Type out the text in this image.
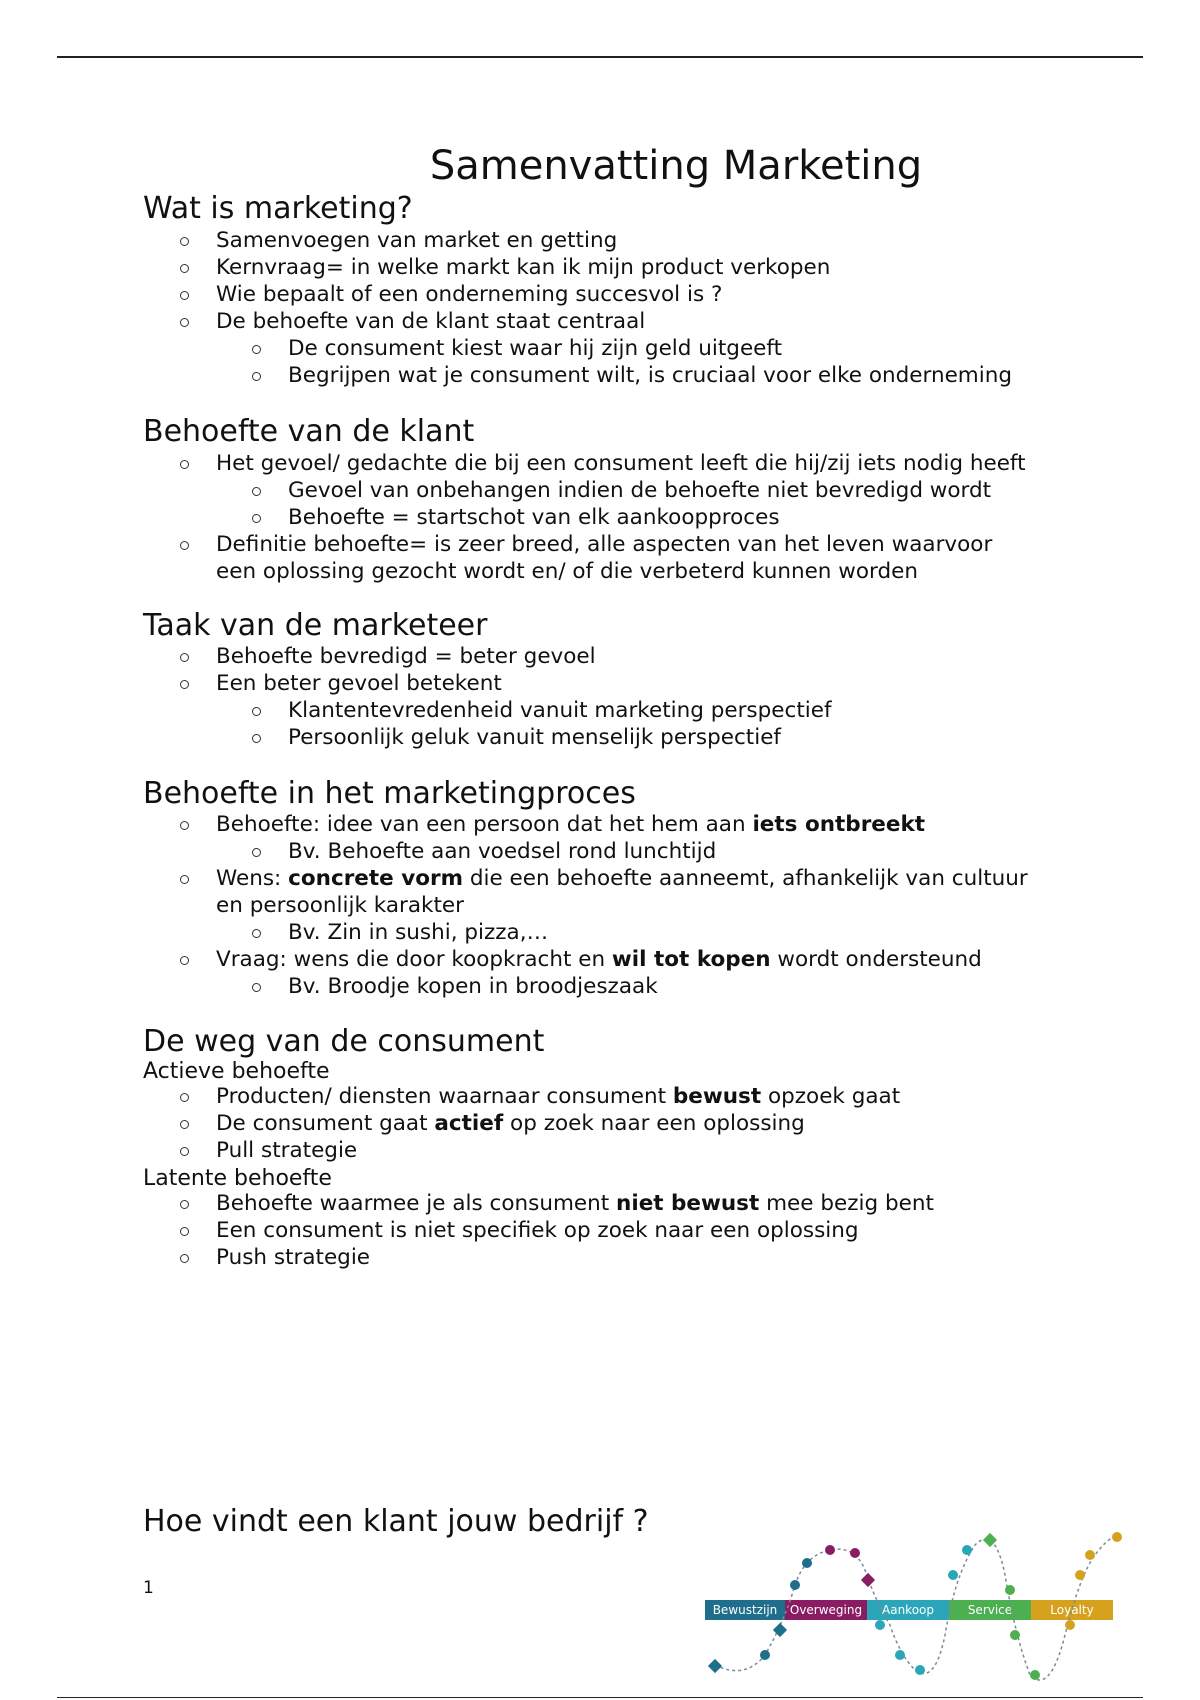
Samenvatting Marketing
Wat is marketing?
Samenvoegen van market en getting
Kernvraag= in welke markt kan ik mijn product verkopen
Wie bepaalt of een onderneming succesvol is ?
De behoefte van de klant staat centraal
De consument kiest waar hij zijn geld uitgeeft
Begrijpen wat je consument wilt, is cruciaal voor elke onderneming
Behoefte van de klant
Het gevoel/ gedachte die bij een consument leeft die hij/zij iets nodig heeft
Gevoel van onbehangen indien de behoefte niet bevredigd wordt
Behoefte = startschot van elk aankoopproces
Definitie behoefte= is zeer breed, alle aspecten van het leven waarvoor
een oplossing gezocht wordt en/ of die verbeterd kunnen worden
Taak van de marketeer
Behoefte bevredigd = beter gevoel
Een beter gevoel betekent
Klantentevredenheid vanuit marketing perspectief
Persoonlijk geluk vanuit menselijk perspectief
Behoefte in het marketingproces
Behoefte: idee van een persoon dat het hem aan iets ontbreekt
Bv. Behoefte aan voedsel rond lunchtijd
Wens: concrete vorm die een behoefte aanneemt, afhankelijk van cultuur
en persoonlijk karakter
Bv. Zin in sushi, pizza,…
Vraag: wens die door koopkracht en wil tot kopen wordt ondersteund
Bv. Broodje kopen in broodjeszaak
De weg van de consument
Actieve behoefte
Producten/ diensten waarnaar consument bewust opzoek gaat
De consument gaat actief op zoek naar een oplossing
Pull strategie
Latente behoefte
Behoefte waarmee je als consument niet bewust mee bezig bent
Een consument is niet specifiek op zoek naar een oplossing
Push strategie
Hoe vindt een klant jouw bedrijf ?
1
Bewustzijn Overweging Aankoop	Service	Loyalty
